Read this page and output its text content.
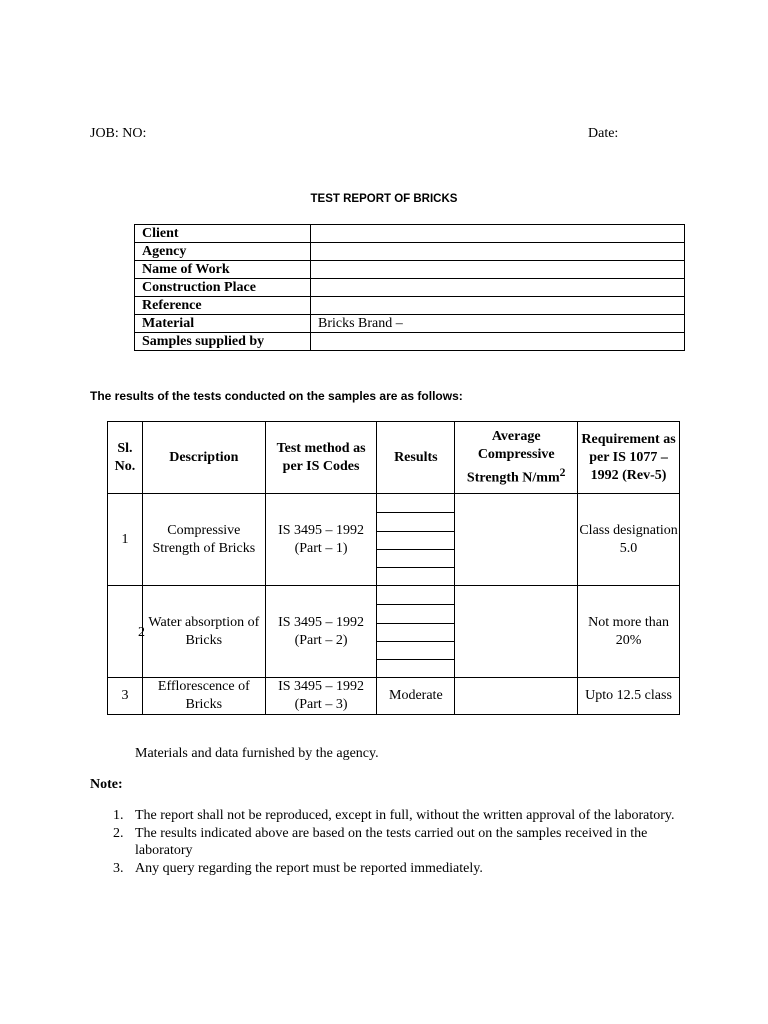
JOB: NO:	Date:
TEST REPORT OF BRICKS
Client	
Agency	
Name of Work	
Construction Place	
Reference	
Material	Bricks Brand –
Samples supplied by	
The results of the tests conducted on the samples are as follows:
Sl. No.	Description	Test method as per IS Codes	Results	Average Compressive Strength $N/mm^2$	Requirement as per IS 1077 – 1992 (Rev-5)
1	Compressive Strength of Bricks	IS 3495 – 1992 (Part – 1)			Class designation 5.0

2	Water absorption of Bricks	IS 3495 – 1992 (Part – 2)			Not more than 20%
3	Efflorescence of Bricks	IS 3495 – 1992 (Part – 3)	Moderate		Upto 12.5 class
Materials and data furnished by the agency.
Note:
1. The report shall not be reproduced, except in full, without the written approval of the laboratory.
2. The results indicated above are based on the tests carried out on the samples received in the laboratory
3. Any query regarding the report must be reported immediately.
